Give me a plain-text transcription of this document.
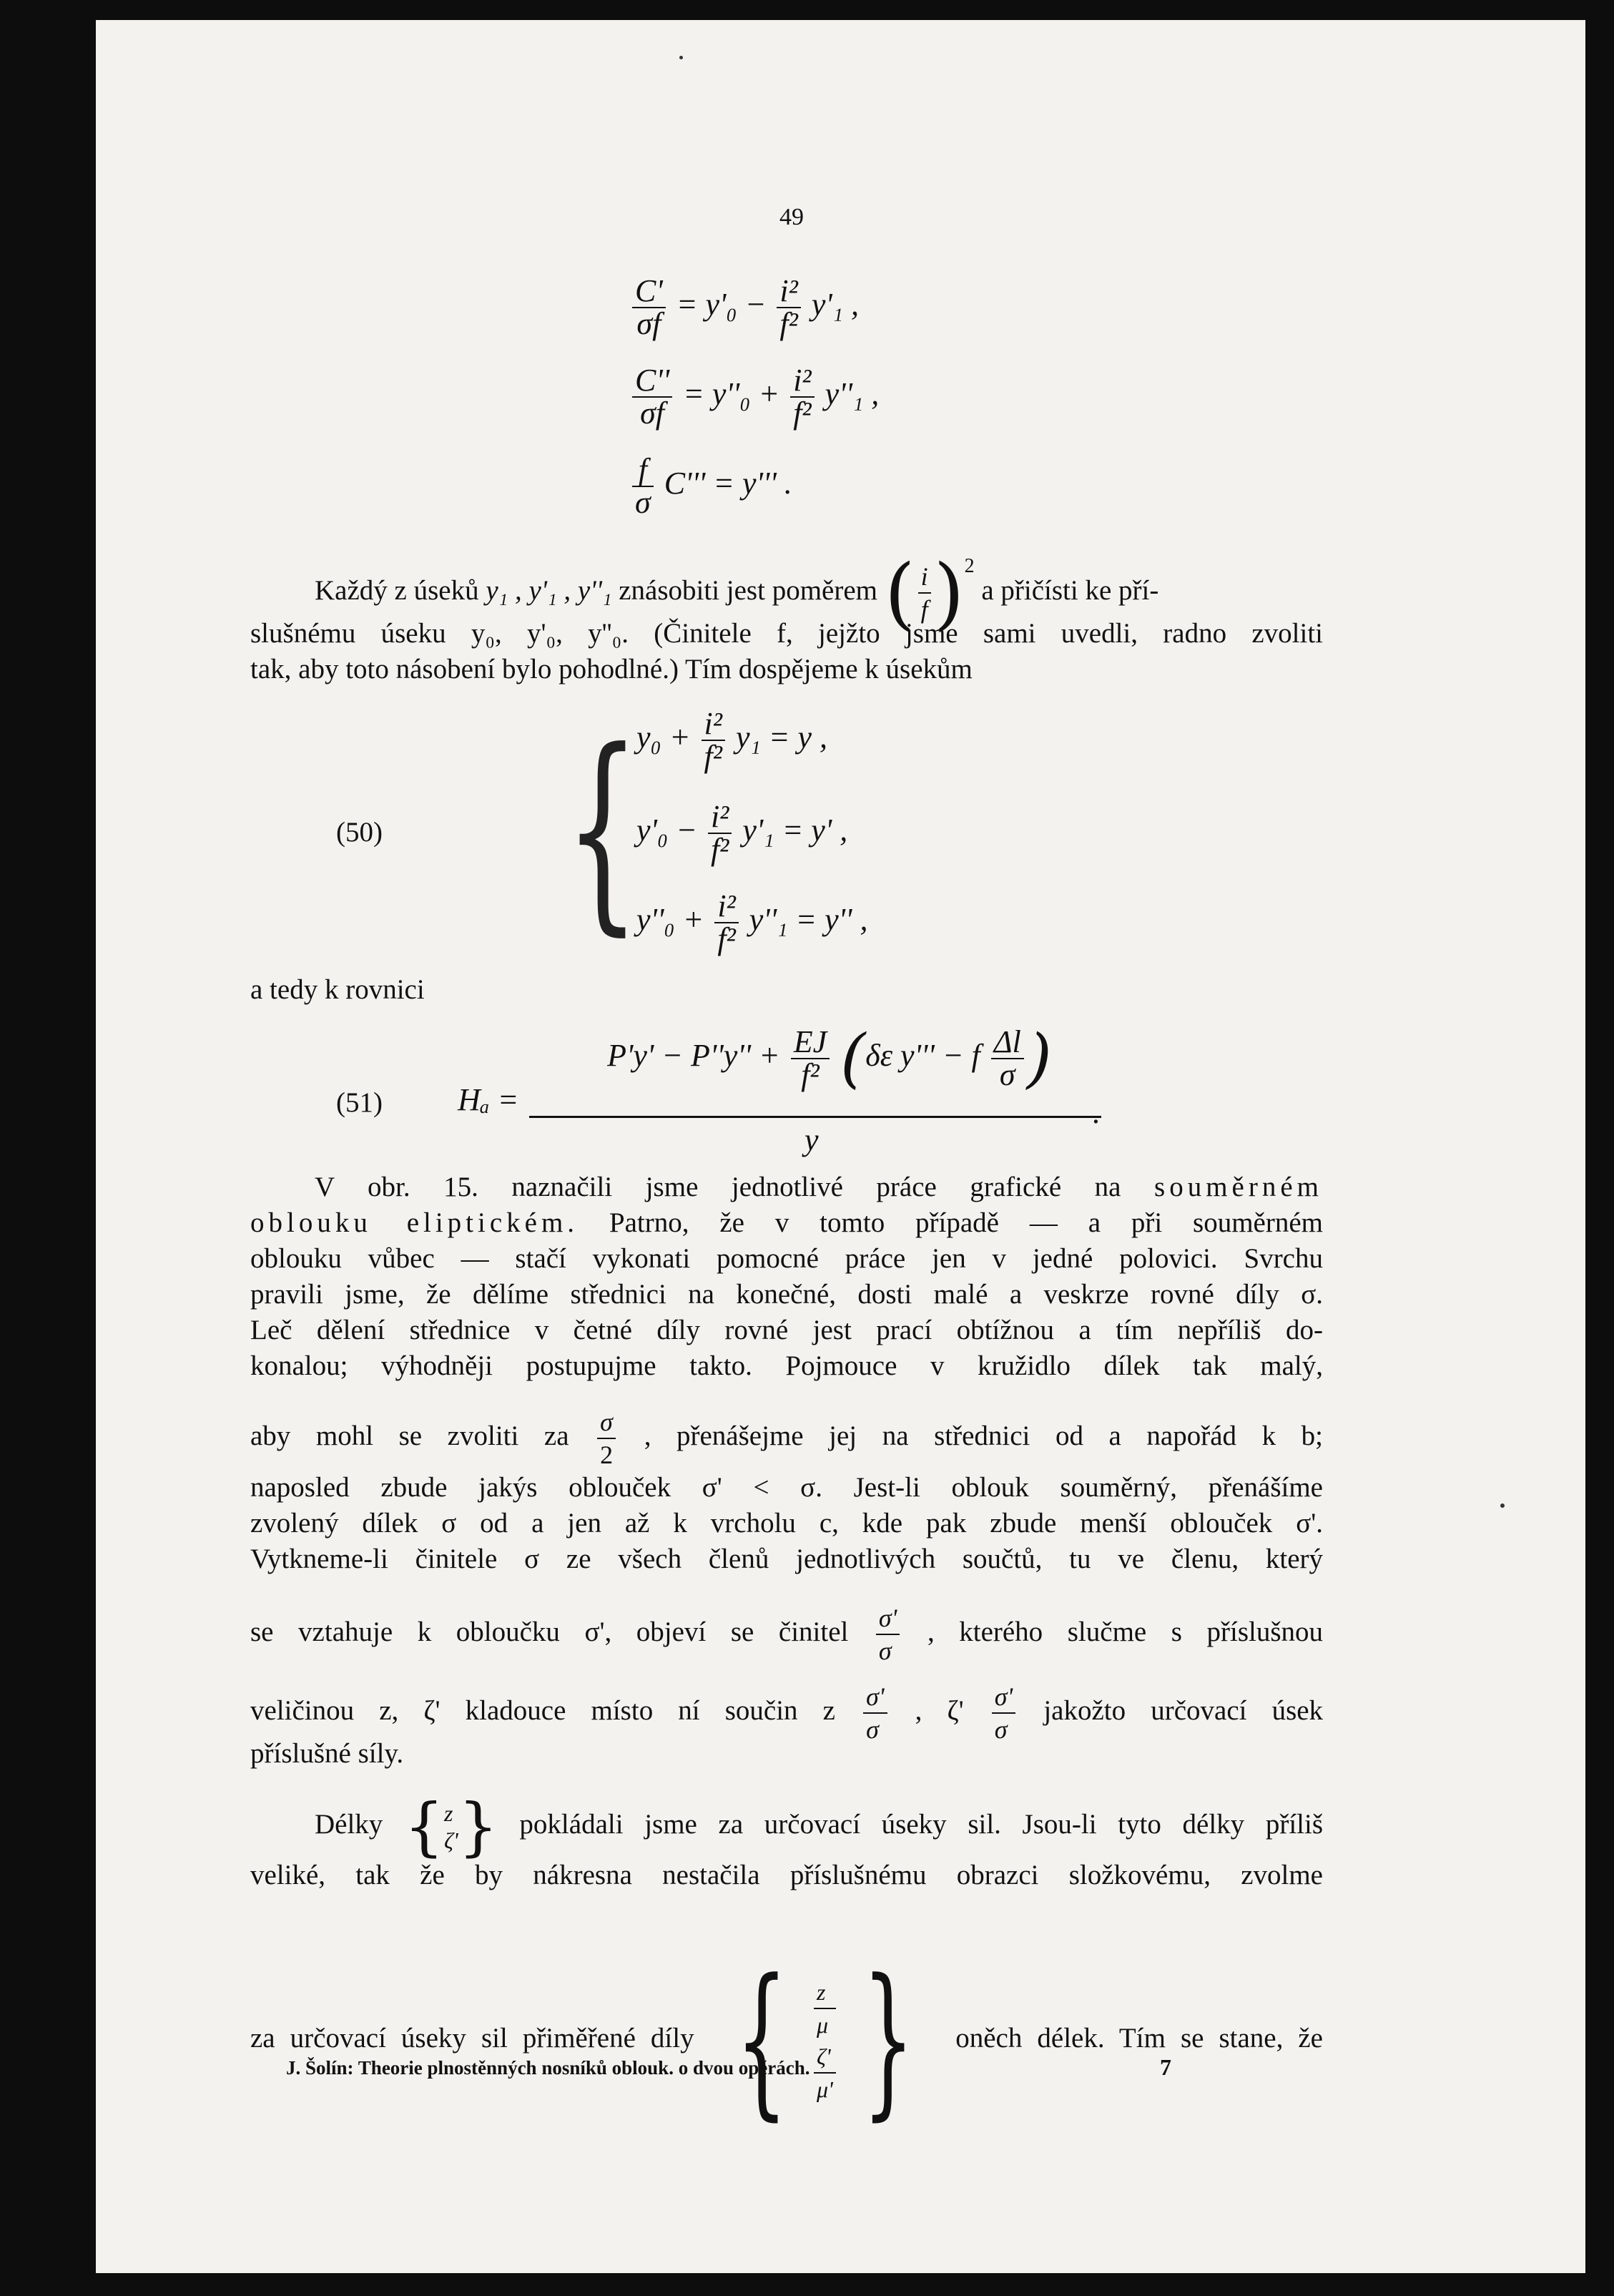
49
$\frac{C'}{\sigma f} = y'_0 - \frac{\text{i²}}{\text{f²}} y'_1$ ,
$\frac{C''}{\sigma f} = y''_0 + \frac{\text{i²}}{\text{f²}} y''_1$ ,
$\frac{f}{\sigma} C''' = y'''$ .
Každý z úseků y₁ , y'₁ , y''₁ znásobiti jest poměrem ( $\frac{i}{f} )^2$ a přičísti ke pří-
slušnému úseku y₀, y'₀, y''₀. (Činitele f, jejžto jsme sami uvedli, radno zvoliti
tak, aby toto násobení bylo pohodlné.) Tím dospějeme k úsekům
(50) {
$y_0 + \frac{\text{i²}}{\text{f²}} y_1 = y$ ,
$y'_0 - \frac{\text{i²}}{\text{f²}} y'_1 = y'$ ,
$y''_0 + \frac{\text{i²}}{\text{f²}} y''_1 = y''$ ,
a tedy k rovnici
(51) Hₐ =
$P'y' - P''y'' + \frac{EJ}{\text{f²}} (\delta\varepsilon$ y''' − f $\frac{\Delta l}{\sigma}$ )
y
.
V obr. 15. naznačili jsme jednotlivé práce grafické na souměrném
oblouku eliptickém. Patrno, že v tomto případě — a při souměrném
oblouku vůbec — stačí vykonati pomocné práce jen v jedné polovici. Svrchu
pravili jsme, že dělíme střednici na konečné, dosti malé a veskrze rovné díly σ.
Leč dělení střednice v četné díly rovné jest prací obtížnou a tím nepříliš do-
konalou; výhodněji postupujme takto. Pojmouce v kružidlo dílek tak malý,
aby mohl se zvoliti za $\frac{\sigma}{2}$ , přenášejme jej na střednici od a napořád k b;
naposled zbude jakýs oblouček σ' < σ. Jest-li oblouk souměrný, přenášíme
zvolený dílek σ od a jen až k vrcholu c, kde pak zbude menší oblouček σ'.
Vytkneme-li činitele σ ze všech členů jednotlivých součtů, tu ve členu, který
se vztahuje k obloučku σ', objeví se činitel $\frac{\sigma'}{\sigma}$ , kterého slučme s příslušnou
veličinou z, ζ' kladouce místo ní součin z $\frac{\sigma'}{\sigma}$ , $\zeta' \frac{\sigma'}{\sigma}$ jakožto určovací úsek
příslušné síly.
Délky { z
ζ' } pokládali jsme za určovací úseky sil. Jsou-li tyto délky příliš
veliké, tak že by nákresna nestačila příslušnému obrazci složkovému, zvolme
za určovací úseky sil přiměřené díly { z
μ
ζ'
μ' } oněch délek. Tím se stane, že
J. Šolín: Theorie plnostěnných nosníků oblouk. o dvou opěrách.	7
